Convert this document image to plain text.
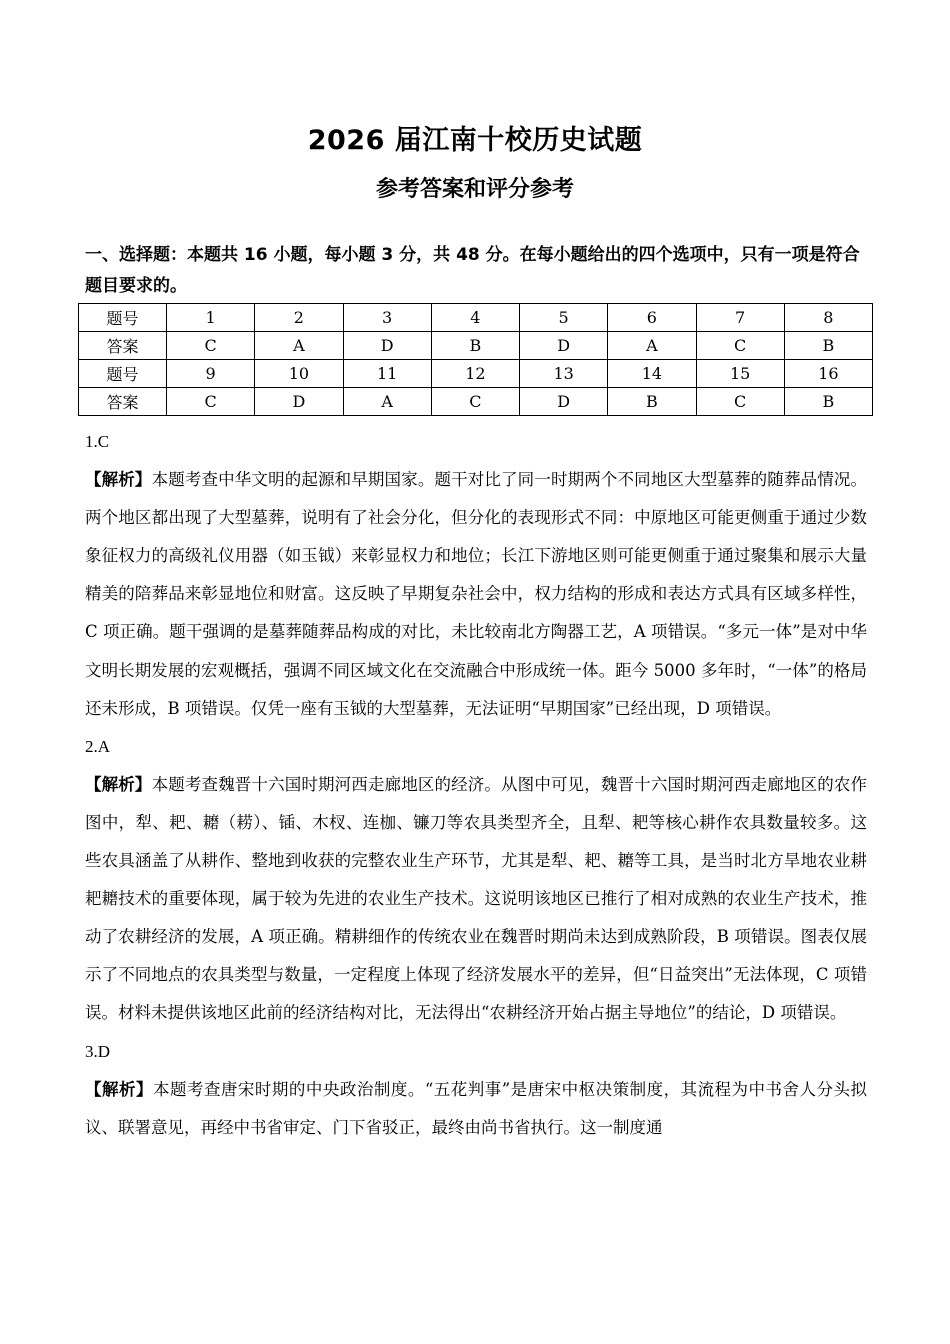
2026 届江南十校历史试题
参考答案和评分参考
一、选择题：本题共 16 小题，每小题 3 分，共 48 分。在每小题给出的四个选项中，只有一项是符合题目要求的。
题号	1	2	3	4	5	6	7	8
答案	C	A	D	B	D	A	C	B
题号	9	10	11	12	13	14	15	16
答案	C	D	A	C	D	B	C	B

1.C

【解析】本题考查中华文明的起源和早期国家。题干对比了同一时期两个不同地区大型墓葬的随葬品情况。两个地区都出现了大型墓葬，说明有了社会分化，但分化的表现形式不同：中原地区可能更侧重于通过少数象征权力的高级礼仪用器（如玉钺）来彰显权力和地位；长江下游地区则可能更侧重于通过聚集和展示大量精美的陪葬品来彰显地位和财富。这反映了早期复杂社会中，权力结构的形成和表达方式具有区域多样性，C 项正确。题干强调的是墓葬随葬品构成的对比，未比较南北方陶器工艺，A 项错误。“多元一体”是对中华文明长期发展的宏观概括，强调不同区域文化在交流融合中形成统一体。距今 5000 多年时，“一体”的格局还未形成，B 项错误。仅凭一座有玉钺的大型墓葬，无法证明“早期国家”已经出现，D 项错误。

2.A

【解析】本题考查魏晋十六国时期河西走廊地区的经济。从图中可见，魏晋十六国时期河西走廊地区的农作图中，犁、耙、耱（耢）、锸、木杈、连枷、镰刀等农具类型齐全，且犁、耙等核心耕作农具数量较多。这些农具涵盖了从耕作、整地到收获的完整农业生产环节，尤其是犁、耙、耱等工具，是当时北方旱地农业耕耙耱技术的重要体现，属于较为先进的农业生产技术。这说明该地区已推行了相对成熟的农业生产技术，推动了农耕经济的发展，A 项正确。精耕细作的传统农业在魏晋时期尚未达到成熟阶段，B 项错误。图表仅展示了不同地点的农具类型与数量，一定程度上体现了经济发展水平的差异，但“日益突出”无法体现，C 项错误。材料未提供该地区此前的经济结构对比，无法得出“农耕经济开始占据主导地位”的结论，D 项错误。

3.D

【解析】本题考查唐宋时期的中央政治制度。“五花判事”是唐宋中枢决策制度，其流程为中书舍人分头拟议、联署意见，再经中书省审定、门下省驳正，最终由尚书省执行。这一制度通
